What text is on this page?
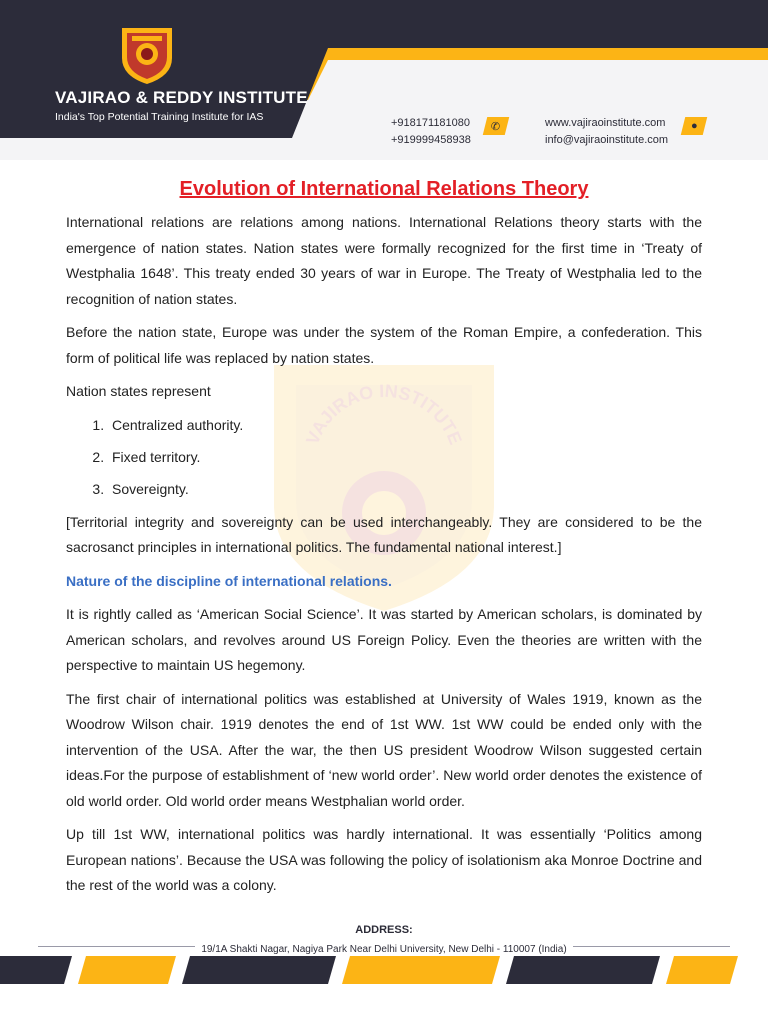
VAJIRAO & REDDY INSTITUTE
India's Top Potential Training Institute for IAS	+918171181080
+919999458938
✆	www.vajiraoinstitute.com
info@vajiraoinstitute.com
●
VAJIRAO INSTITUTE
Evolution of International Relations Theory

International relations are relations among nations. International Relations theory starts with the emergence of nation states. Nation states were formally recognized for the first time in ‘Treaty of Westphalia 1648’. This treaty ended 30 years of war in Europe. The Treaty of Westphalia led to the recognition of nation states.

Before the nation state, Europe was under the system of the Roman Empire, a confederation. This form of political life was replaced by nation states.

Nation states represent

1. Centralized authority.
2. Fixed territory.
3. Sovereignty.

[Territorial integrity and sovereignty can be used interchangeably. They are considered to be the sacrosanct principles in international politics. The fundamental national interest.]

Nature of the discipline of international relations.

It is rightly called as ‘American Social Science’. It was started by American scholars, is dominated by American scholars, and revolves around US Foreign Policy. Even the theories are written with the perspective to maintain US hegemony.

The first chair of international politics was established at University of Wales 1919, known as the Woodrow Wilson chair. 1919 denotes the end of 1st WW. 1st WW could be ended only with the intervention of the USA. After the war, the then US president Woodrow Wilson suggested certain ideas.For the purpose of establishment of ‘new world order’. New world order denotes the existence of old world order. Old world order means Westphalian world order.

Up till 1st WW, international politics was hardly international. It was essentially ‘Politics among European nations’. Because the USA was following the policy of isolationism aka Monroe Doctrine and the rest of the world was a colony.

ADDRESS:
19/1A Shakti Nagar, Nagiya Park Near Delhi University, New Delhi - 110007 (India)
